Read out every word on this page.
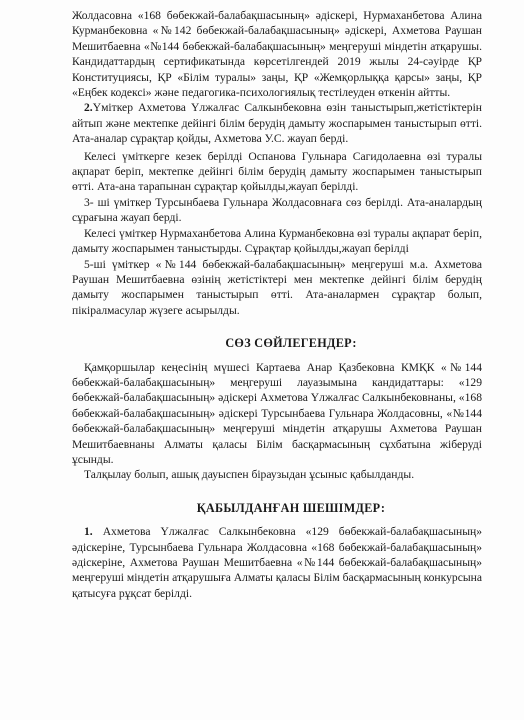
Жолдасовна «168 бөбекжай-балабақшасының» әдіскері, Нурмаханбетова Алина Курманбековна «№142 бөбекжай-балабақшасының» әдіскері, Ахметова Раушан Мешитбаевна «№144 бөбекжай-балабақшасының» меңгеруші міндетін атқарушы. Кандидаттардың сертификатында көрсетілгендей 2019 жылы 24-сәуірде ҚР Конституциясы, ҚР «Білім туралы» заңы, ҚР «Жемқорлыққа қарсы» заңы, ҚР «Еңбек кодексі» және педагогика-психологиялық тестілеуден өткенін айтты.

2.Үміткер Ахметова Үлжалғас Салкынбековна өзін таныстырып,жетістіктерін айтып және мектепке дейінгі білім берудің дамыту жоспарымен таныстырып өтті. Ата-аналар сұрақтар қойды, Ахметова У.С. жауап берді.

Келесі үміткерге кезек берілді Оспанова Гульнара Сагидолаевна өзі туралы ақпарат беріп, мектепке дейінгі білім берудің дамыту жоспарымен таныстырып өтті. Ата-ана тарапынан сұрақтар қойылды,жауап берілді.

3- ші үміткер Турсынбаева Гульнара Жолдасовнаға сөз берілді. Ата-аналардың сұрағына жауап берді.

Келесі үміткер Нурмаханбетова Алина Курманбековна өзі туралы ақпарат беріп, дамыту жоспарымен таныстырды. Сұрақтар қойылды,жауап берілді

5-ші үміткер «№144 бөбекжай-балабақшасының» меңгеруші м.а. Ахметова Раушан Мешитбаевна өзінің жетістіктері мен мектепке дейінгі білім берудің дамыту жоспарымен таныстырып өтті. Ата-аналармен сұрақтар болып, пікіралмасулар жүзеге асырылды.

СӨЗ СӨЙЛЕГЕНДЕР:

Қамқоршылар кеңесінің мүшесі Картаева Анар Қазбековна КМҚК «№144 бөбекжай-балабақшасының» меңгеруші лауазымына кандидаттары: «129 бөбекжай-балабақшасының» әдіскері Ахметова Үлжалғас Салкынбековнаны, «168 бөбекжай-балабақшасының» әдіскері Турсынбаева Гульнара Жолдасовны, «№144 бөбекжай-балабақшасының» меңгеруші міндетін атқарушы Ахметова Раушан Мешитбаевнаны Алматы қаласы Білім басқармасының сұхбатына жіберуді ұсынды.

Талқылау болып, ашық дауыспен біраузыдан ұсыныс қабылданды.

ҚАБЫЛДАНҒАН ШЕШІМДЕР:

1. Ахметова Үлжалғас Салкынбековна «129 бөбекжай-балабақшасының» әдіскеріне, Турсынбаева Гульнара Жолдасовна «168 бөбекжай-балабақшасының» әдіскеріне, Ахметова Раушан Мешитбаевна «№144 бөбекжай-балабақшасының» меңгеруші міндетін атқарушыға Алматы қаласы Білім басқармасының конкурсына қатысуға рұқсат берілді.
